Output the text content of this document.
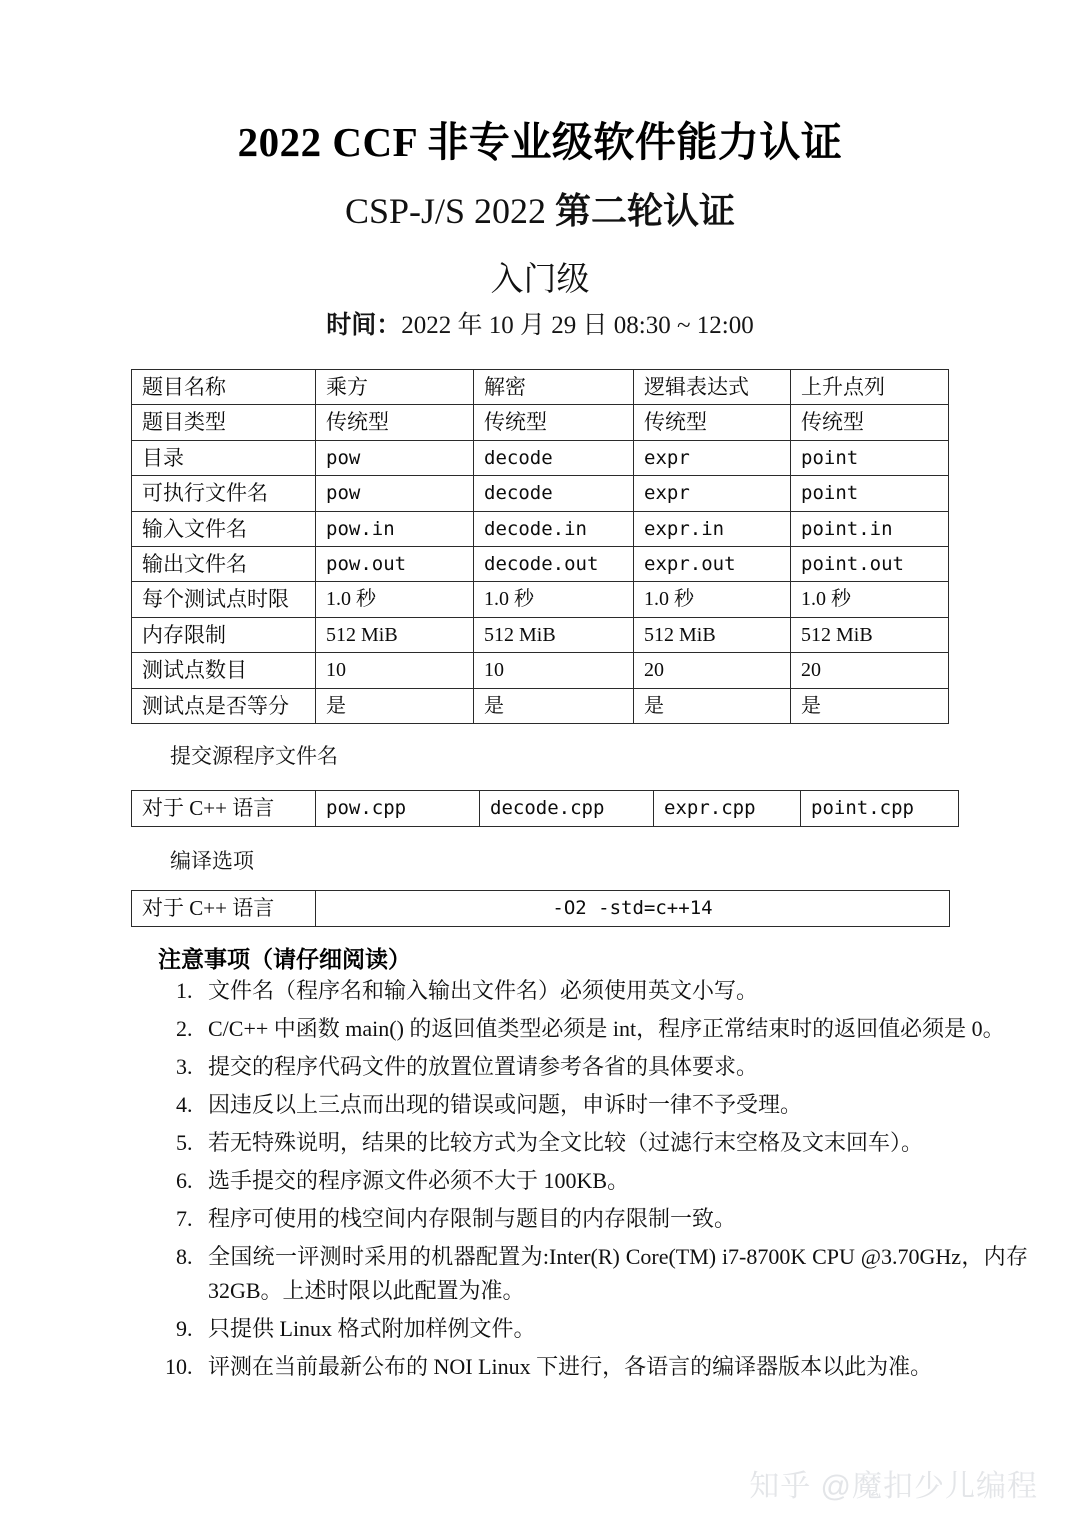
2022 CCF 非专业级软件能力认证
CSP-J/S 2022 第二轮认证
入门级
时间：2022 年 10 月 29 日 08:30 ~ 12:00
题目名称	乘方	解密	逻辑表达式	上升点列
题目类型	传统型	传统型	传统型	传统型
目录	pow	decode	expr	point
可执行文件名	pow	decode	expr	point
输入文件名	pow.in	decode.in	expr.in	point.in
输出文件名	pow.out	decode.out	expr.out	point.out
每个测试点时限	1.0 秒	1.0 秒	1.0 秒	1.0 秒
内存限制	512 MiB	512 MiB	512 MiB	512 MiB
测试点数目	10	10	20	20
测试点是否等分	是	是	是	是
提交源程序文件名
对于 C++ 语言	pow.cpp	decode.cpp	expr.cpp	point.cpp
编译选项
对于 C++ 语言	-O2 -std=c++14
注意事项（请仔细阅读）
1. 文件名（程序名和输入输出文件名）必须使用英文小写。
2. C/C++ 中函数 main() 的返回值类型必须是 int，程序正常结束时的返回值必须是 0。
3. 提交的程序代码文件的放置位置请参考各省的具体要求。
4. 因违反以上三点而出现的错误或问题，申诉时一律不予受理。
5. 若无特殊说明，结果的比较方式为全文比较（过滤行末空格及文末回车）。
6. 选手提交的程序源文件必须不大于 100KB。
7. 程序可使用的栈空间内存限制与题目的内存限制一致。
8. 全国统一评测时采用的机器配置为:Inter(R) Core(TM) i7-8700K CPU @3.70GHz，内存 32GB。上述时限以此配置为准。
9. 只提供 Linux 格式附加样例文件。
10. 评测在当前最新公布的 NOI Linux 下进行，各语言的编译器版本以此为准。
知乎 @魔扣少儿编程
